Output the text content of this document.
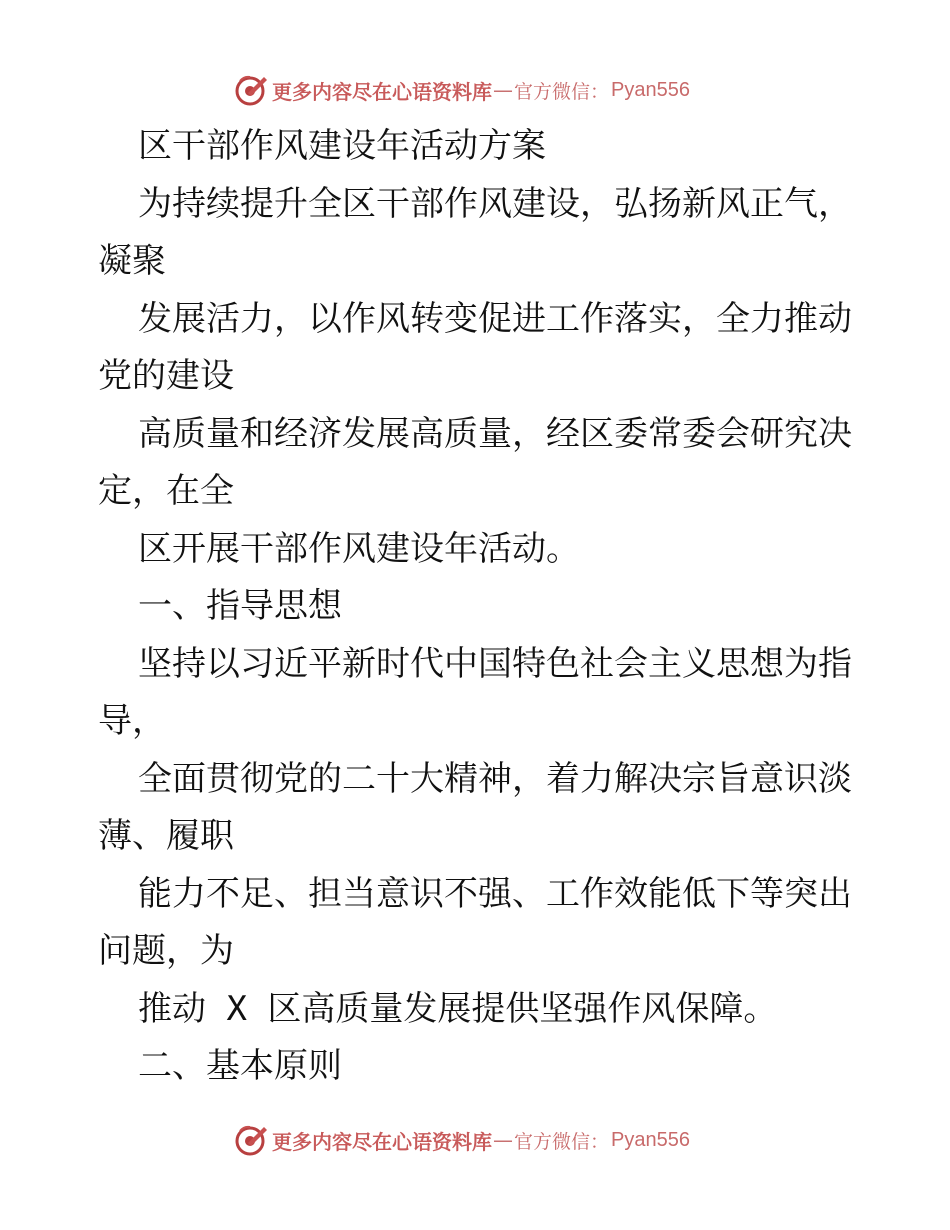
更多内容尽在心语资料库 — 官方微信： Pyan556
区干部作风建设年活动方案
为持续提升全区干部作风建设，弘扬新风正气，
凝聚
发展活力，以作风转变促进工作落实，全力推动
党的建设
高质量和经济发展高质量，经区委常委会研究决
定，在全
区开展干部作风建设年活动。
一、指导思想
坚持以习近平新时代中国特色社会主义思想为指
导，
全面贯彻党的二十大精神，着力解决宗旨意识淡
薄、履职
能力不足、担当意识不强、工作效能低下等突出
问题，为
推动 X 区高质量发展提供坚强作风保障。
二、基本原则
更多内容尽在心语资料库 — 官方微信： Pyan556
